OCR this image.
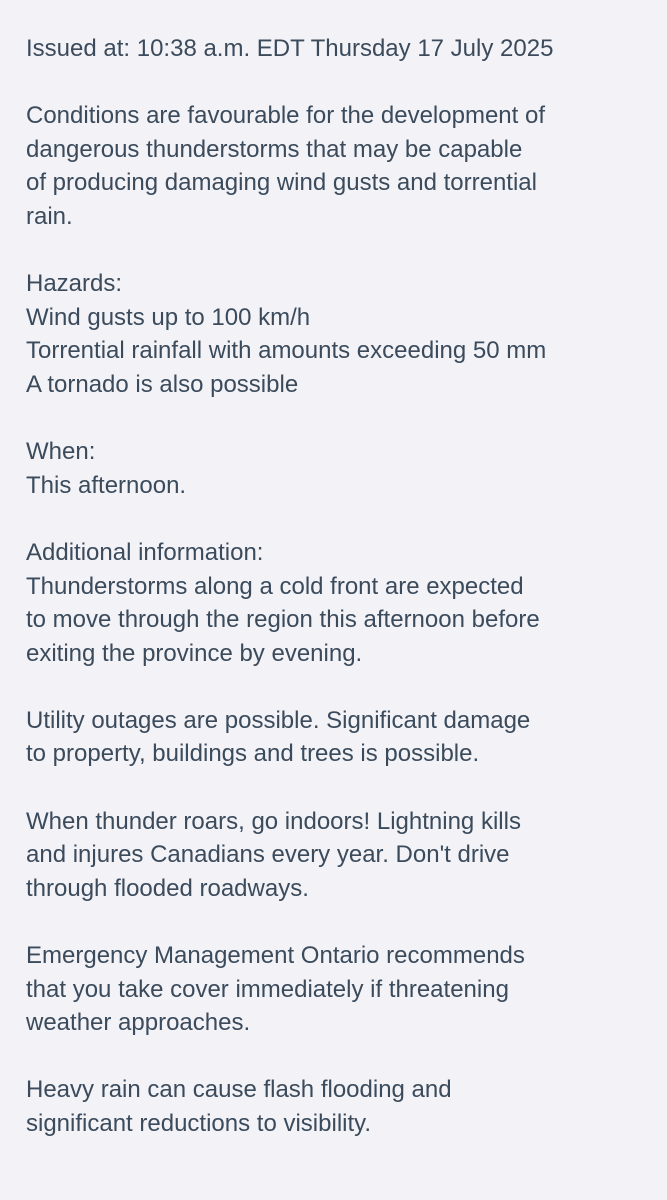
Issued at: 10:38 a.m. EDT Thursday 17 July 2025
Conditions are favourable for the development of
dangerous thunderstorms that may be capable
of producing damaging wind gusts and torrential
rain.
Hazards:
Wind gusts up to 100 km/h
Torrential rainfall with amounts exceeding 50 mm
A tornado is also possible
When:
This afternoon.
Additional information:
Thunderstorms along a cold front are expected
to move through the region this afternoon before
exiting the province by evening.
Utility outages are possible. Significant damage
to property, buildings and trees is possible.
When thunder roars, go indoors! Lightning kills
and injures Canadians every year. Don't drive
through flooded roadways.
Emergency Management Ontario recommends
that you take cover immediately if threatening
weather approaches.
Heavy rain can cause flash flooding and
significant reductions to visibility.
